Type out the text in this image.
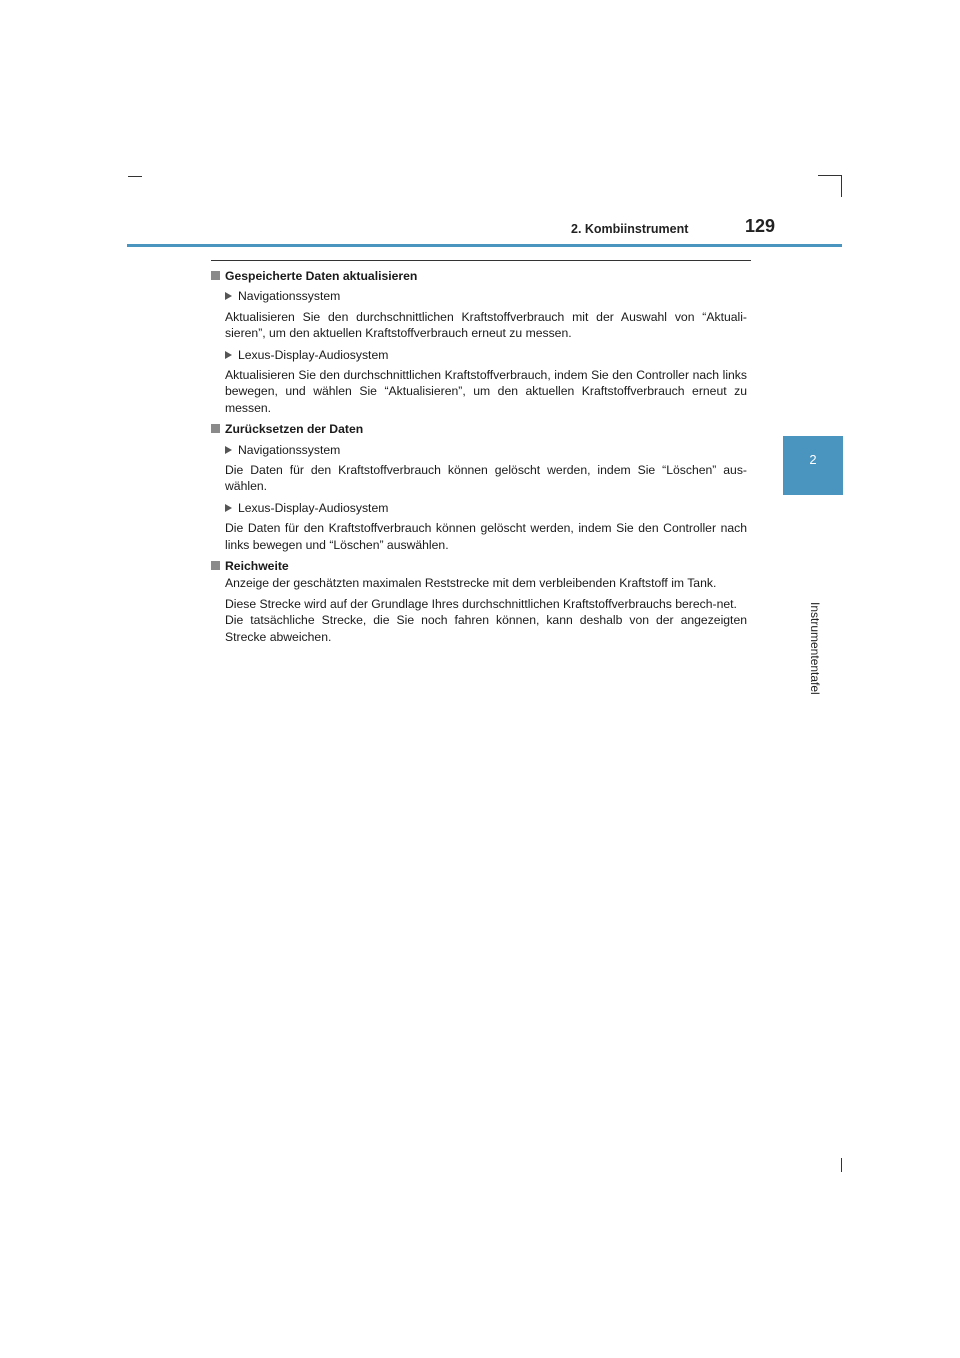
2. Kombiinstrument	129
2
Instrumententafel
Gespeicherte Daten aktualisieren
Navigationssystem
Aktualisieren Sie den durchschnittlichen Kraftstoffverbrauch mit der Auswahl von “Aktuali-sieren”, um den aktuellen Kraftstoffverbrauch erneut zu messen.
Lexus-Display-Audiosystem
Aktualisieren Sie den durchschnittlichen Kraftstoffverbrauch, indem Sie den Controller nach links bewegen, und wählen Sie “Aktualisieren”, um den aktuellen Kraftstoffverbrauch erneut zu messen.
Zurücksetzen der Daten
Navigationssystem
Die Daten für den Kraftstoffverbrauch können gelöscht werden, indem Sie “Löschen” aus-wählen.
Lexus-Display-Audiosystem
Die Daten für den Kraftstoffverbrauch können gelöscht werden, indem Sie den Controller nach links bewegen und “Löschen” auswählen.
Reichweite
Anzeige der geschätzten maximalen Reststrecke mit dem verbleibenden Kraftstoff im Tank.
Diese Strecke wird auf der Grundlage Ihres durchschnittlichen Kraftstoffverbrauchs berech-net.
Die tatsächliche Strecke, die Sie noch fahren können, kann deshalb von der angezeigten Strecke abweichen.
